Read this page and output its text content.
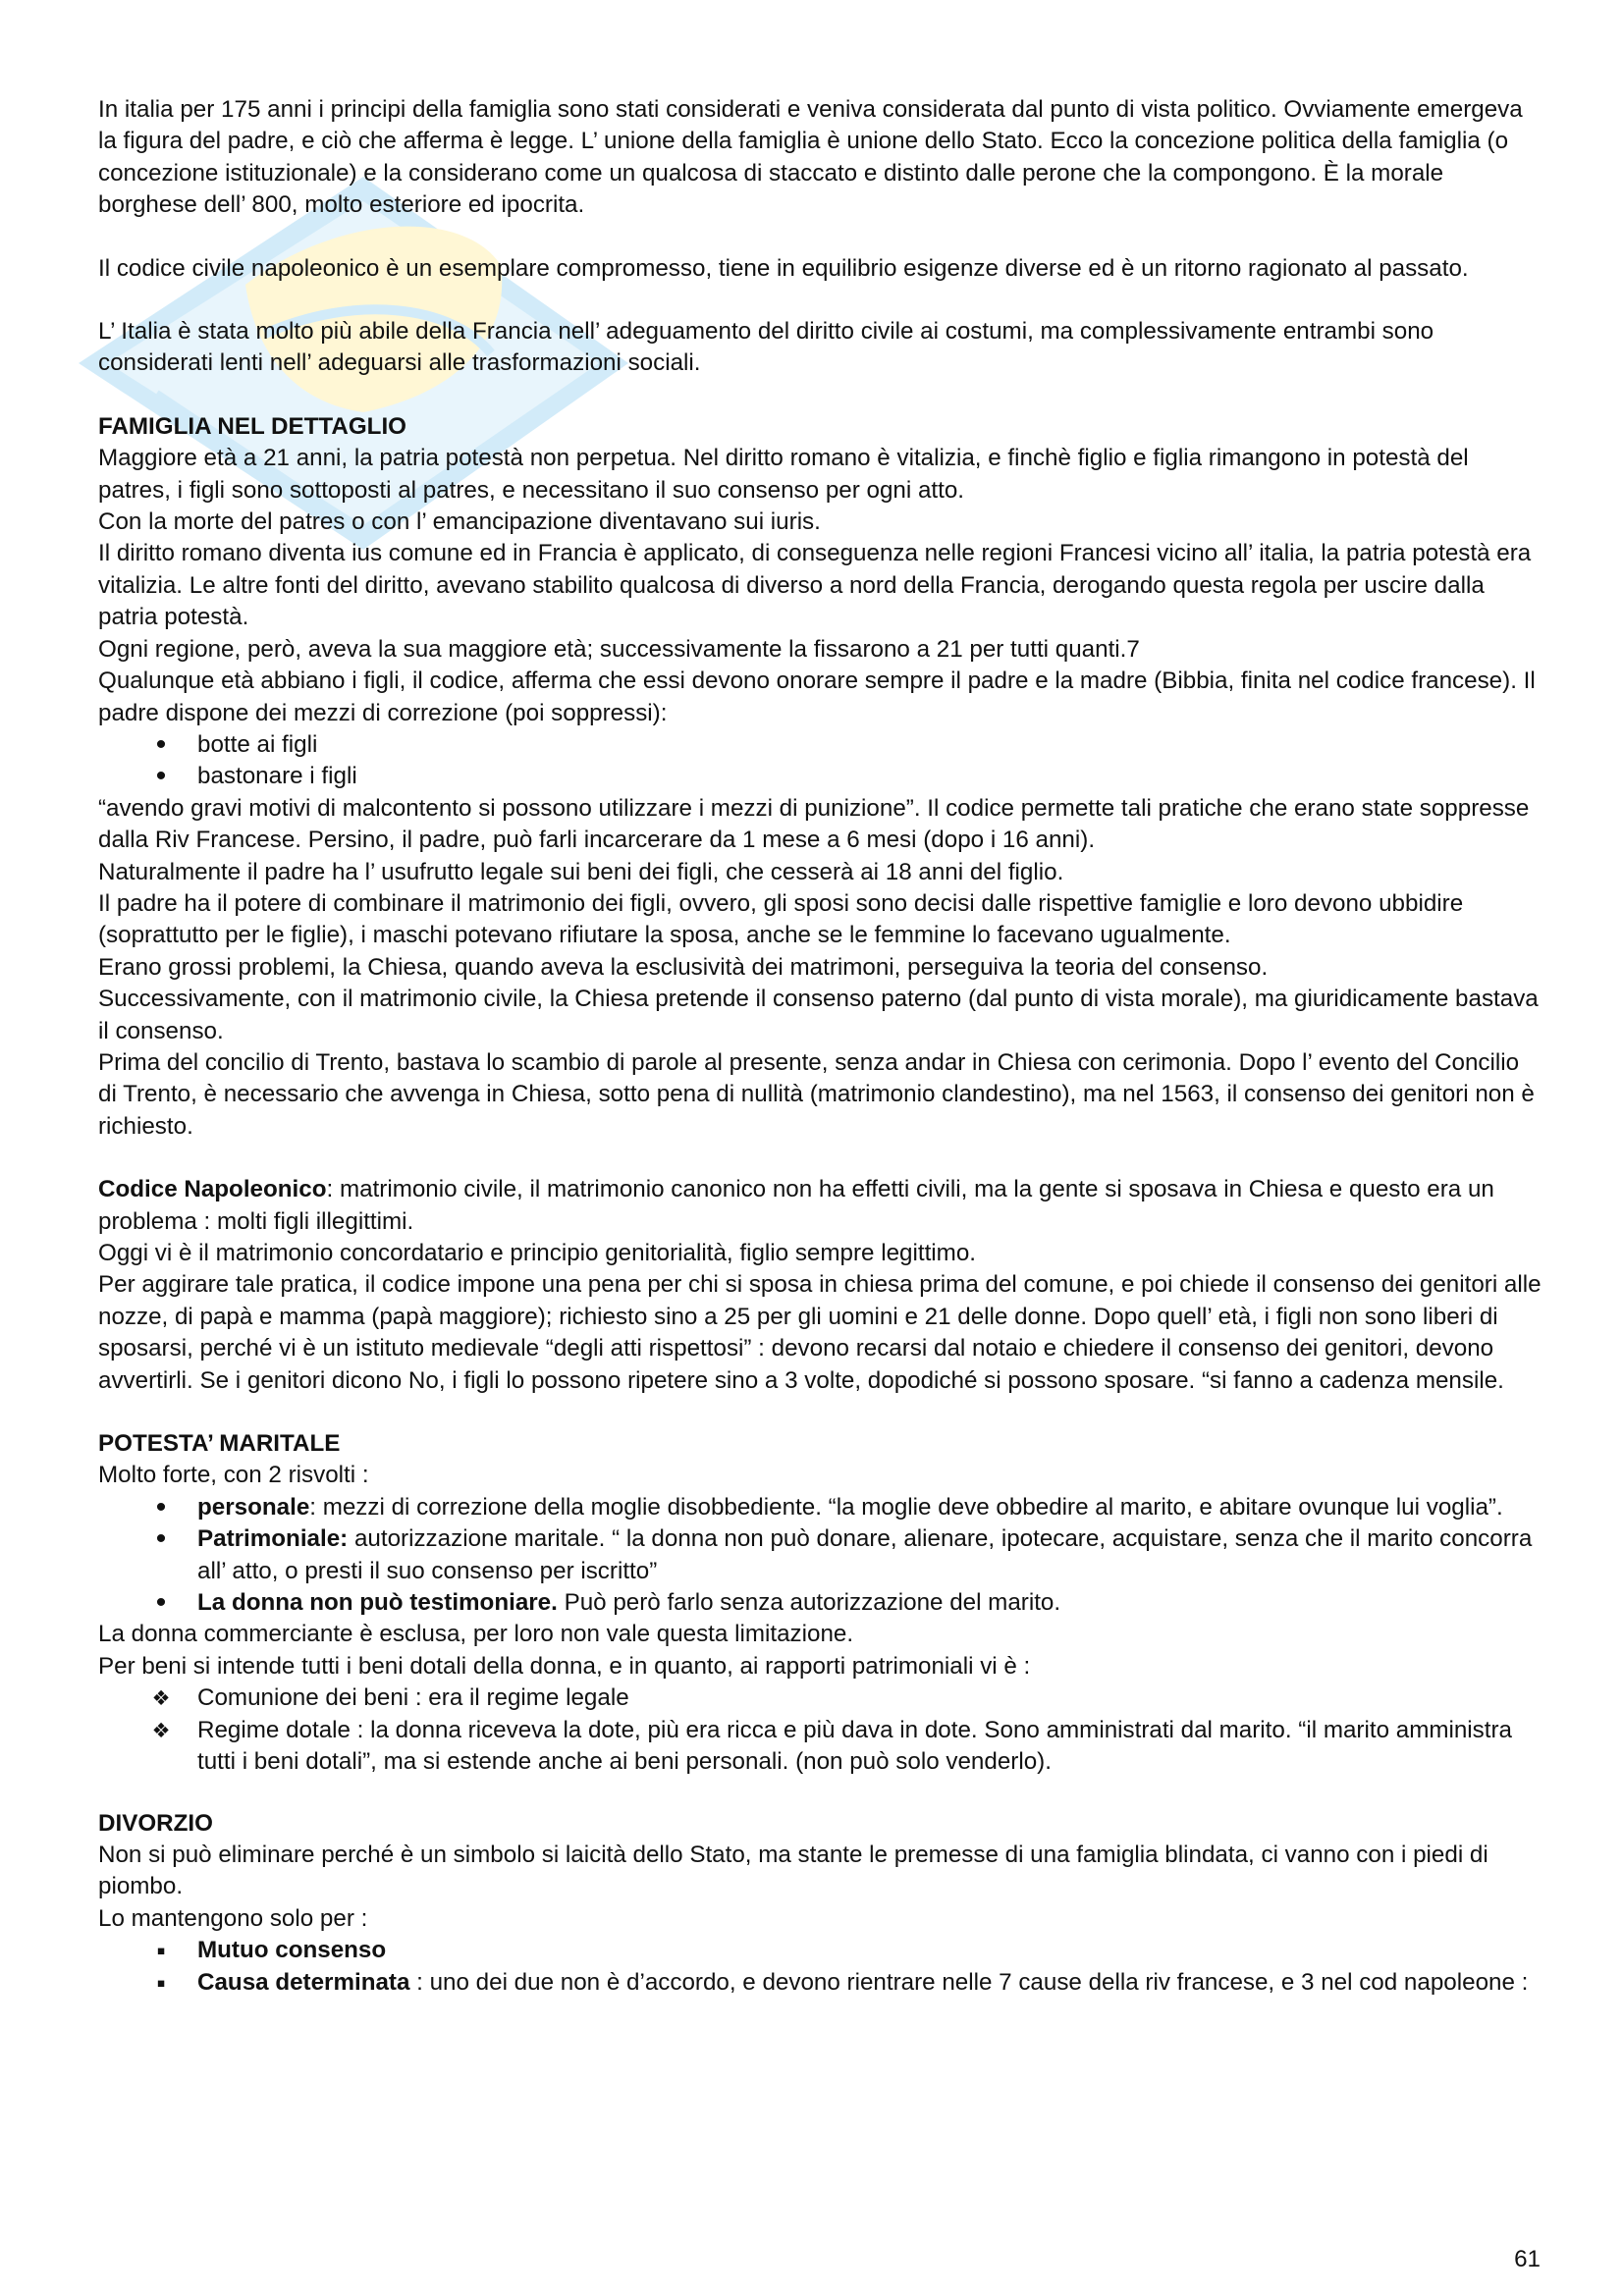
In italia per 175 anni i principi della famiglia sono stati considerati e veniva considerata dal punto di vista politico. Ovviamente emergeva la figura del padre, e ciò che afferma è legge. L’ unione della famiglia è unione dello Stato. Ecco la concezione politica della famiglia (o concezione istituzionale) e la considerano come un qualcosa di staccato e distinto dalle perone che la compongono. È la morale borghese dell’ 800, molto esteriore ed ipocrita.

Il codice civile napoleonico è un esemplare compromesso, tiene in equilibrio esigenze diverse ed è un ritorno ragionato al passato.

L’ Italia è stata molto più abile della Francia nell’ adeguamento del diritto civile ai costumi, ma complessivamente entrambi sono considerati lenti nell’ adeguarsi alle trasformazioni sociali.

FAMIGLIA NEL DETTAGLIO

Maggiore età a 21 anni, la patria potestà non perpetua. Nel diritto romano è vitalizia, e finchè figlio e figlia rimangono in potestà del patres, i figli sono sottoposti al patres, e necessitano il suo consenso per ogni atto.

Con la morte del patres o con l’ emancipazione diventavano sui iuris.

Il diritto romano diventa ius comune ed in Francia è applicato, di conseguenza nelle regioni Francesi vicino all’ italia, la patria potestà era vitalizia. Le altre fonti del diritto, avevano stabilito qualcosa di diverso a nord della Francia, derogando questa regola per uscire dalla patria potestà.

Ogni regione, però, aveva la sua maggiore età; successivamente la fissarono a 21 per tutti quanti.7

Qualunque età abbiano i figli, il codice, afferma che essi devono onorare sempre il padre e la madre (Bibbia, finita nel codice francese). Il padre dispone dei mezzi di correzione (poi soppressi):

•
botte ai figli
•
bastonare i figli

“avendo gravi motivi di malcontento si possono utilizzare i mezzi di punizione”. Il codice permette tali pratiche che erano state soppresse dalla Riv Francese. Persino, il padre, può farli incarcerare da 1 mese a 6 mesi (dopo i 16 anni).

Naturalmente il padre ha l’ usufrutto legale sui beni dei figli, che cesserà ai 18 anni del figlio.

Il padre ha il potere di combinare il matrimonio dei figli, ovvero, gli sposi sono decisi dalle rispettive famiglie e loro devono ubbidire (soprattutto per le figlie), i maschi potevano rifiutare la sposa, anche se le femmine lo facevano ugualmente.

Erano grossi problemi, la Chiesa, quando aveva la esclusività dei matrimoni, perseguiva la teoria del consenso.

Successivamente, con il matrimonio civile, la Chiesa pretende il consenso paterno (dal punto di vista morale), ma giuridicamente bastava il consenso.

Prima del concilio di Trento, bastava lo scambio di parole al presente, senza andar in Chiesa con cerimonia. Dopo l’ evento del Concilio di Trento, è necessario che avvenga in Chiesa, sotto pena di nullità (matrimonio clandestino), ma nel 1563, il consenso dei genitori non è richiesto.

Codice Napoleonico: matrimonio civile, il matrimonio canonico non ha effetti civili, ma la gente si sposava in Chiesa e questo era un problema : molti figli illegittimi.

Oggi vi è il matrimonio concordatario e principio genitorialità, figlio sempre legittimo.

Per aggirare tale pratica, il codice impone una pena per chi si sposa in chiesa prima del comune, e poi chiede il consenso dei genitori alle nozze, di papà e mamma (papà maggiore); richiesto sino a 25 per gli uomini e 21 delle donne. Dopo quell’ età, i figli non sono liberi di sposarsi, perché vi è un istituto medievale “degli atti rispettosi” : devono recarsi dal notaio e chiedere il consenso dei genitori, devono avvertirli. Se i genitori dicono No, i figli lo possono ripetere sino a 3 volte, dopodiché si possono sposare. “si fanno a cadenza mensile.

POTESTA’ MARITALE

Molto forte, con 2 risvolti :

•
personale: mezzi di correzione della moglie disobbediente. “la moglie deve obbedire al marito, e abitare ovunque lui voglia”.
•
Patrimoniale: autorizzazione maritale. “ la donna non può donare, alienare, ipotecare, acquistare, senza che il marito concorra all’ atto, o presti il suo consenso per iscritto”
•
La donna non può testimoniare. Può però farlo senza autorizzazione del marito.

La donna commerciante è esclusa, per loro non vale questa limitazione.

Per beni si intende tutti i beni dotali della donna, e in quanto, ai rapporti patrimoniali vi è :

❖
Comunione dei beni : era il regime legale
❖
Regime dotale : la donna riceveva la dote, più era ricca e più dava in dote. Sono amministrati dal marito. “il marito amministra tutti i beni dotali”, ma si estende anche ai beni personali. (non può solo venderlo).

DIVORZIO

Non si può eliminare perché è un simbolo si laicità dello Stato, ma stante le premesse di una famiglia blindata, ci vanno con i piedi di piombo.

Lo mantengono solo per :

▪
Mutuo consenso
▪
Causa determinata : uno dei due non è d’accordo, e devono rientrare nelle 7 cause della riv francese, e 3 nel cod napoleone :
61
